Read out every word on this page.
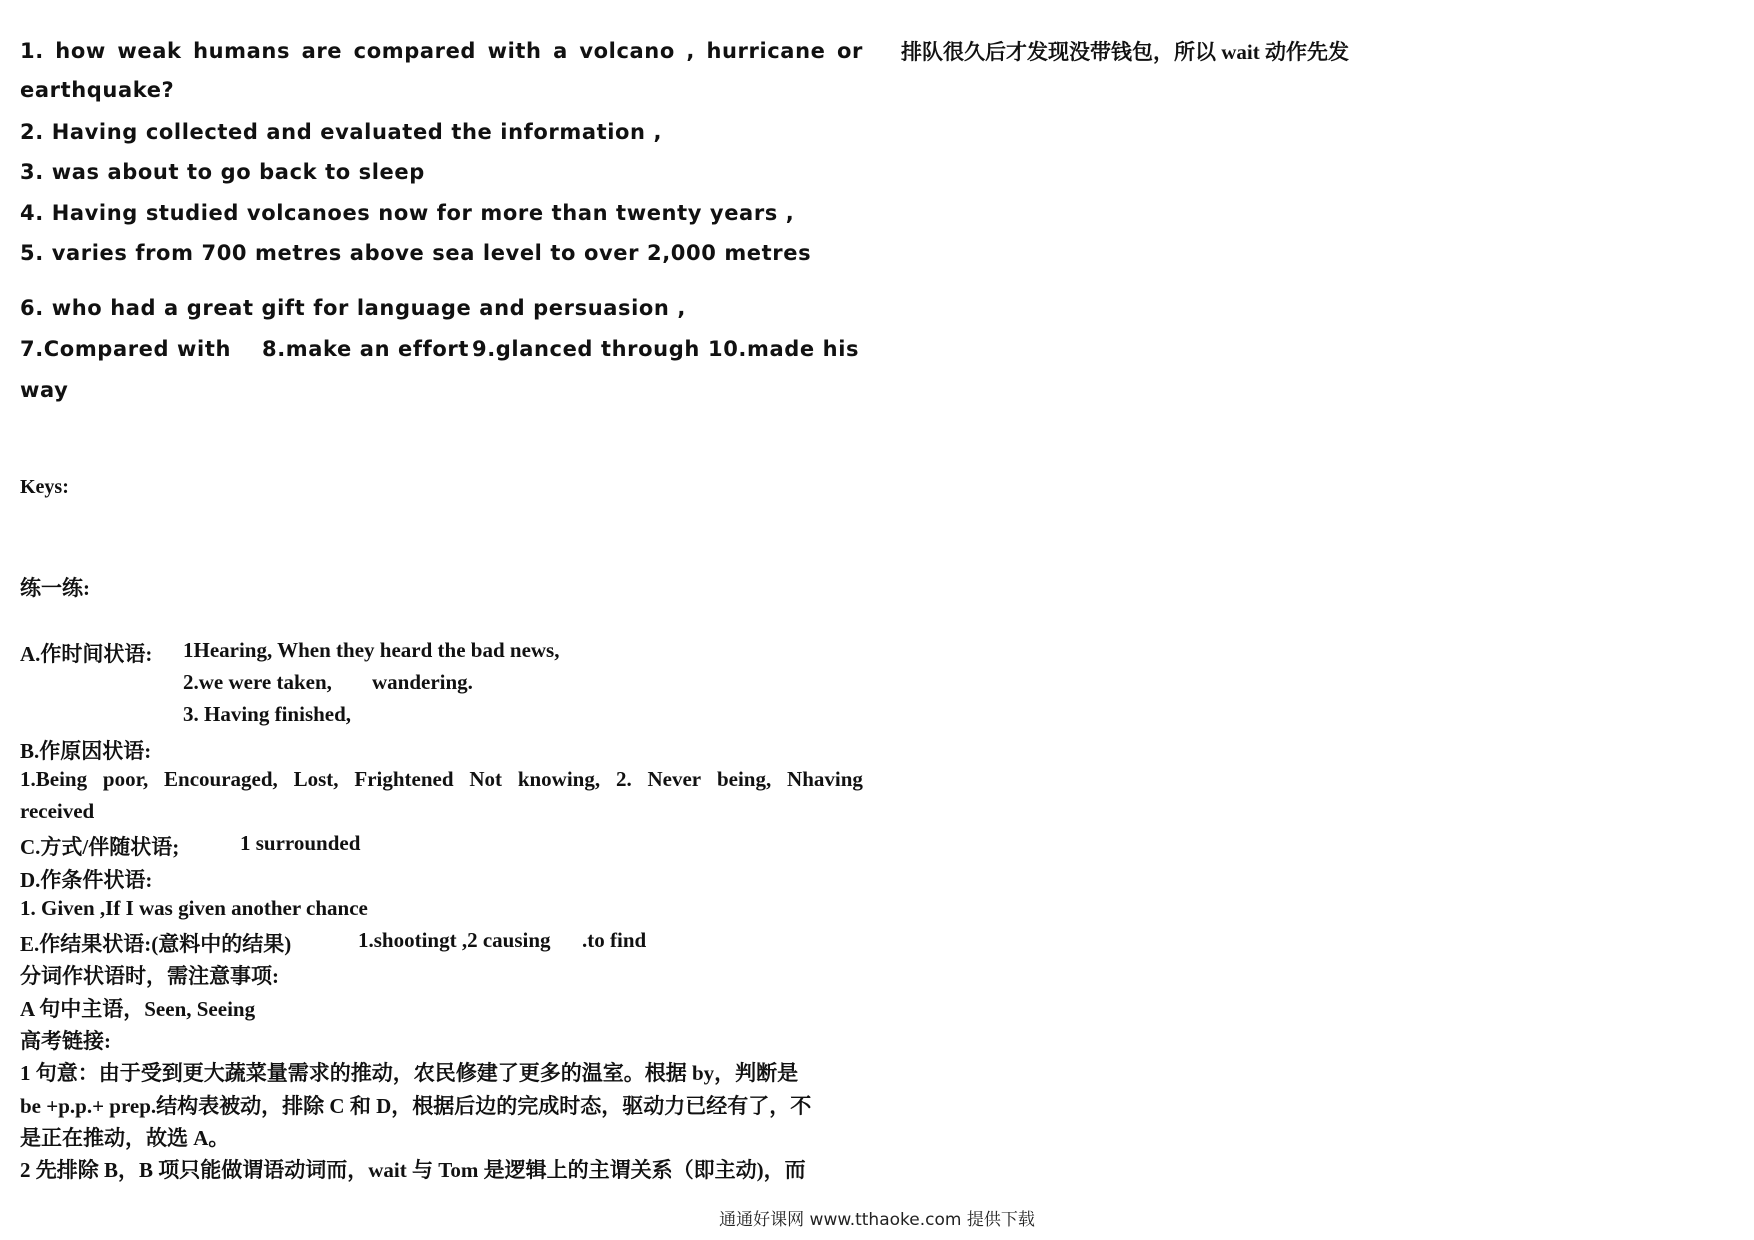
1. how weak humans are compared with a volcano , hurricane or

earthquake?

2. Having collected and evaluated the information ,

3. was about to go back to sleep

4. Having studied volcanoes now for more than twenty years ,

5. varies from 700 metres above sea level to over 2,000 metres

6. who had a great gift for language and persuasion ,

7.Compared with 8.make an effort 9.glanced through 10.made his

way

Keys:

练一练:

A.作时间状语: 1Hearing, When they heard the bad news,

2.we were taken, wandering.

3. Having finished,

B.作原因状语:

1.Being poor, Encouraged, Lost, Frightened Not knowing, 2. Never being, Nhaving

received

C.方式/伴随状语;	1 surrounded

D.作条件状语:

1. Given ,If I was given another chance

E.作结果状语:(意料中的结果)	1.shootingt ,2 causing .to find

分词作状语时，需注意事项:

A 句中主语，Seen, Seeing

高考链接:

1 句意：由于受到更大蔬菜量需求的推动，农民修建了更多的温室。根据 by，判断是

be +p.p.+ prep.结构表被动，排除 C 和 D，根据后边的完成时态，驱动力已经有了，不

是正在推动，故选 A。

2 先排除 B，B 项只能做谓语动词而，wait 与 Tom 是逻辑上的主谓关系（即主动)，而

排队很久后才发现没带钱包，所以 wait 动作先发

通通好课网 www.tthaoke.com 提供下载
